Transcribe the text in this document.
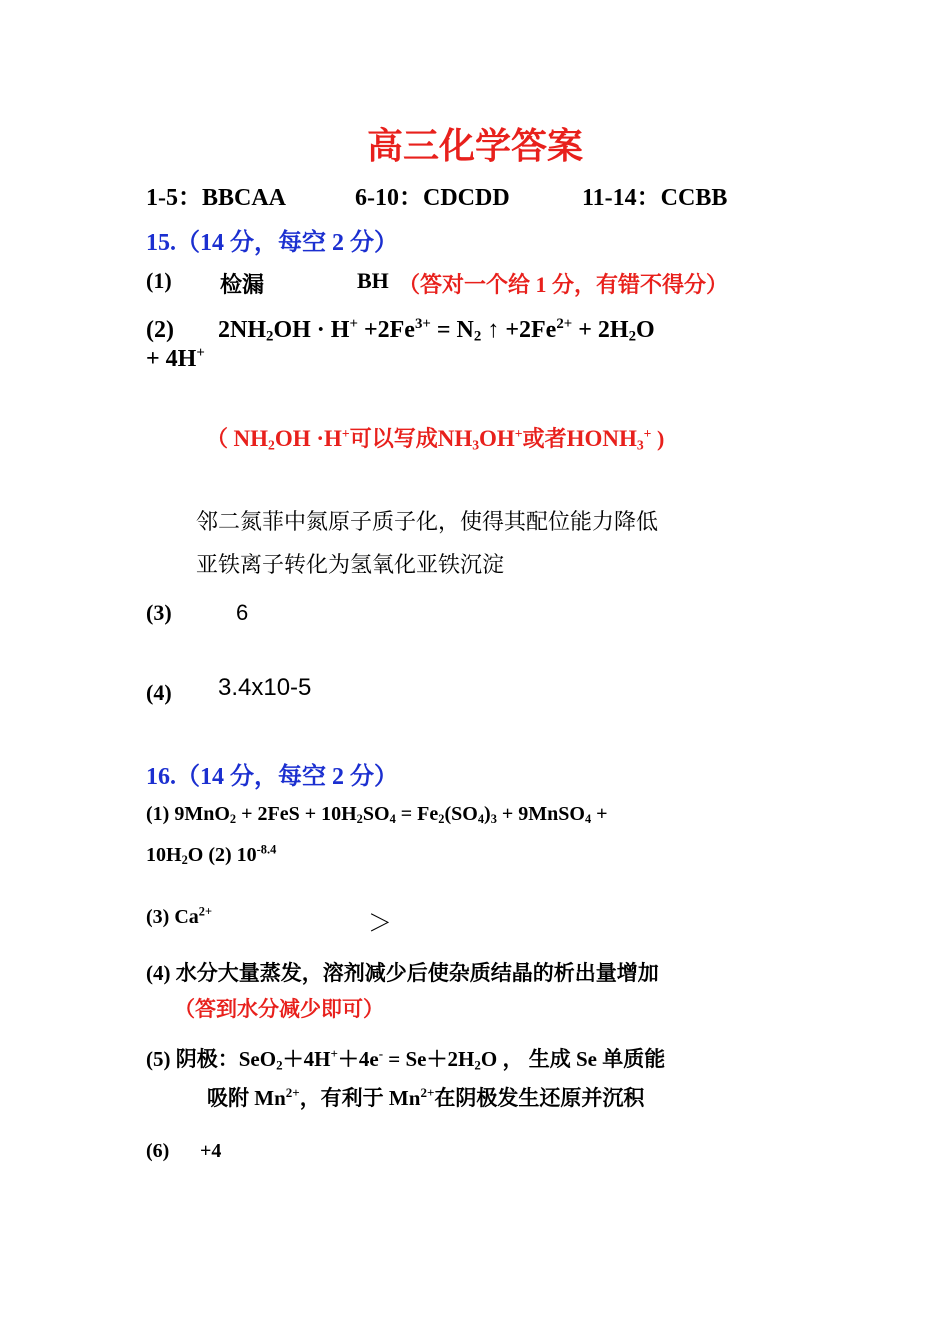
高三化学答案
1-5：BBCAA	6-10：CDCDD	11-14：CCBB
15.（14 分，每空 2 分）
(1) 检漏	BH （答对一个给 1 分，有错不得分）
(2) $2NH_2OH \cdot H^+ +2Fe^{3+} = N_2$ ↑ $+2Fe^{2+} + 2H_2O$
+ 4H+
（ $NH_2OH \cdot H^+$可以写成$NH_3OH^+$或者$HONH_3^+$ )
邻二氮菲中氮原子质子化，使得其配位能力降低
亚铁离子转化为氢氧化亚铁沉淀
(3)	6
(4) 3.4x10-5
16.（14 分，每空 2 分）
(1) $9MnO_2 + 2FeS + 10H_2SO_4 = Fe_2(SO_4)_3$ + 9MnSO$_4$ +
$10H_2O$ (2) $10^{-8.4}$
(3) $Ca^{2+}$	＞
(4) 水分大量蒸发，溶剂减少后使杂质结晶的析出量增加
（答到水分减少即可）
(5) 阴极：$SeO_2+4H^++4e^- = Se+2H_2O$ ， 生成 Se 单质能
吸附 $Mn^{2+}$，有利于 $Mn^{2+}$在阴极发生还原并沉积
(6) +4
